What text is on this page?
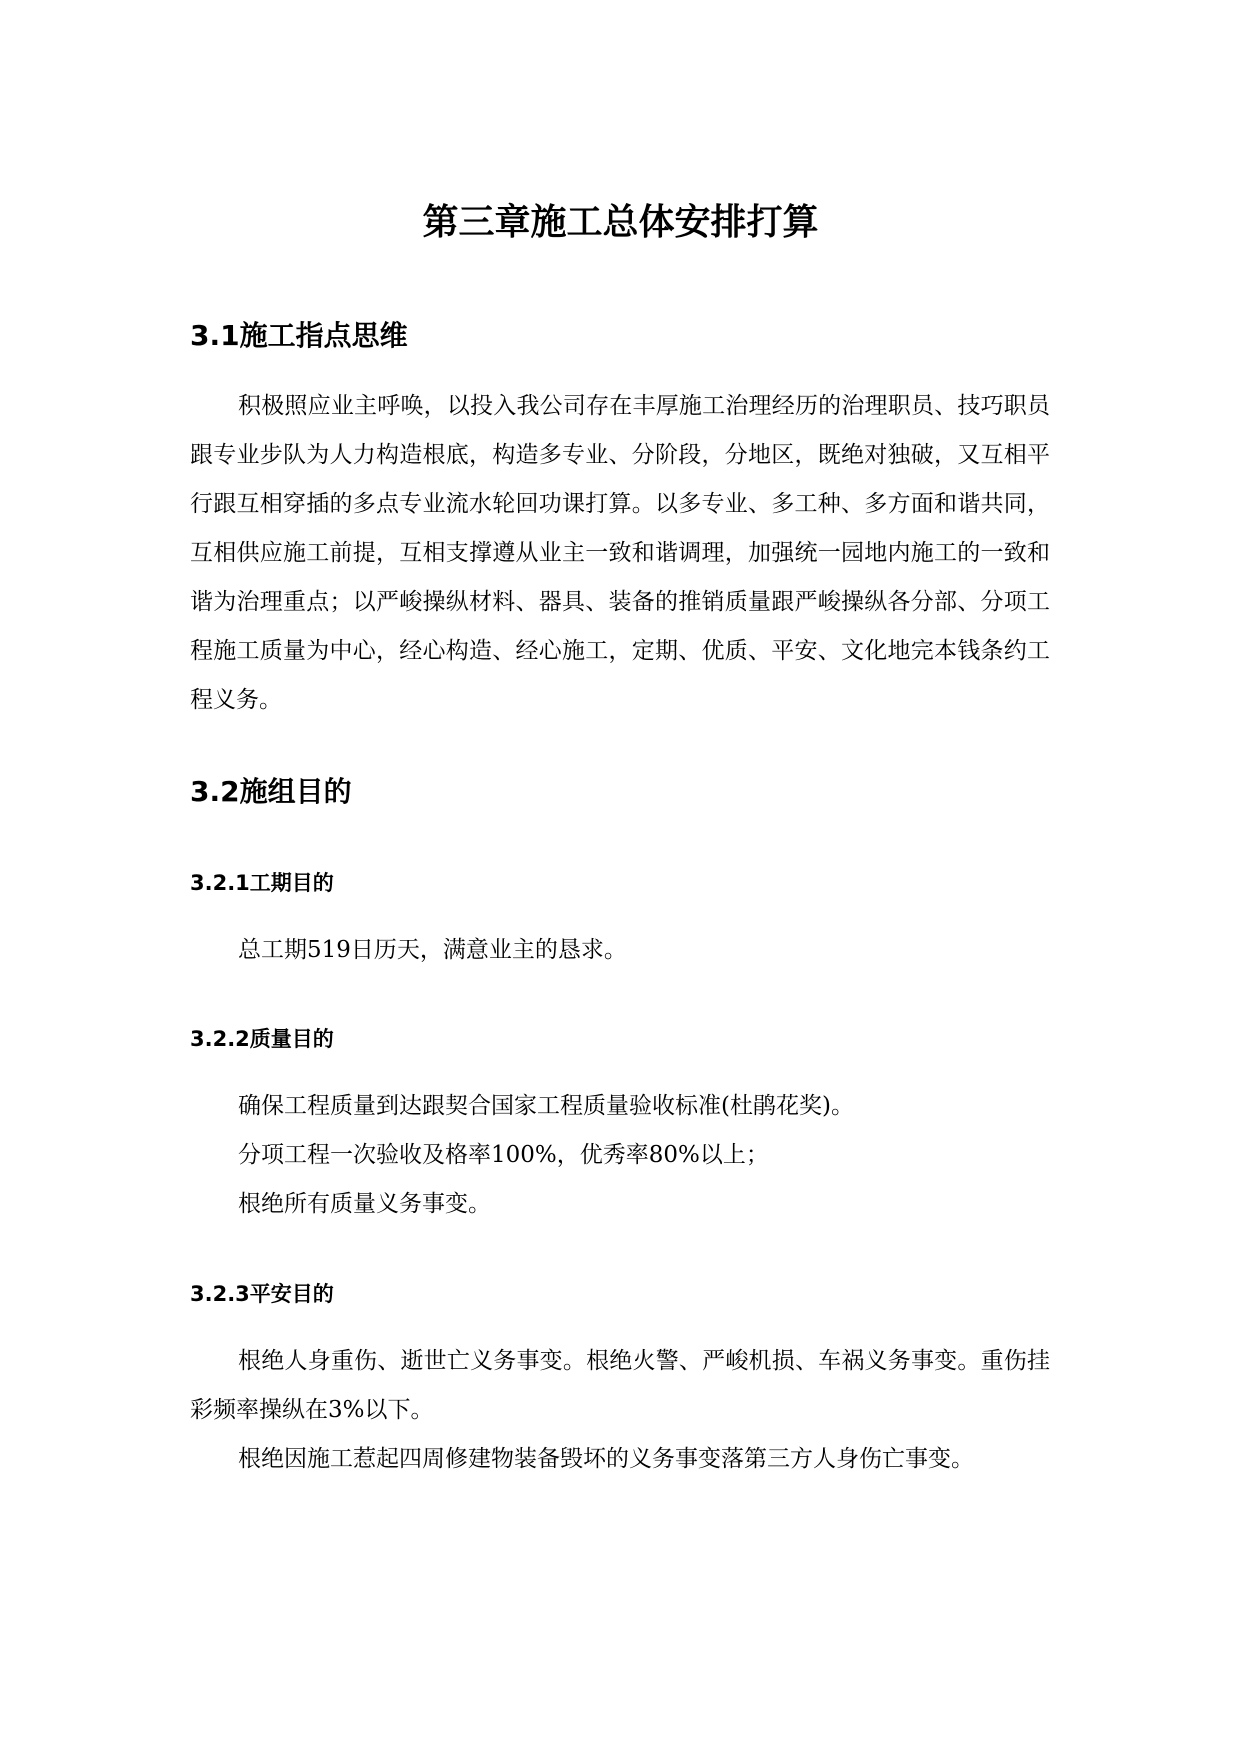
第三章施工总体安排打算
3.1施工指点思维

积极照应业主呼唤，以投入我公司存在丰厚施工治理经历的治理职员、技巧职员跟专业步队为人力构造根底，构造多专业、分阶段，分地区，既绝对独破，又互相平行跟互相穿插的多点专业流水轮回功课打算。以多专业、多工种、多方面和谐共同，互相供应施工前提，互相支撑遵从业主一致和谐调理，加强统一园地内施工的一致和谐为治理重点；以严峻操纵材料、器具、装备的推销质量跟严峻操纵各分部、分项工程施工质量为中心，经心构造、经心施工，定期、优质、平安、文化地完本钱条约工程义务。

3.2施组目的
3.2.1工期目的

总工期519日历天，满意业主的恳求。

3.2.2质量目的

确保工程质量到达跟契合国家工程质量验收标准(杜鹃花奖)。

分项工程一次验收及格率100%，优秀率80%以上；

根绝所有质量义务事变。

3.2.3平安目的

根绝人身重伤、逝世亡义务事变。根绝火警、严峻机损、车祸义务事变。重伤挂彩频率操纵在3%以下。

根绝因施工惹起四周修建物装备毁坏的义务事变落第三方人身伤亡事变。
